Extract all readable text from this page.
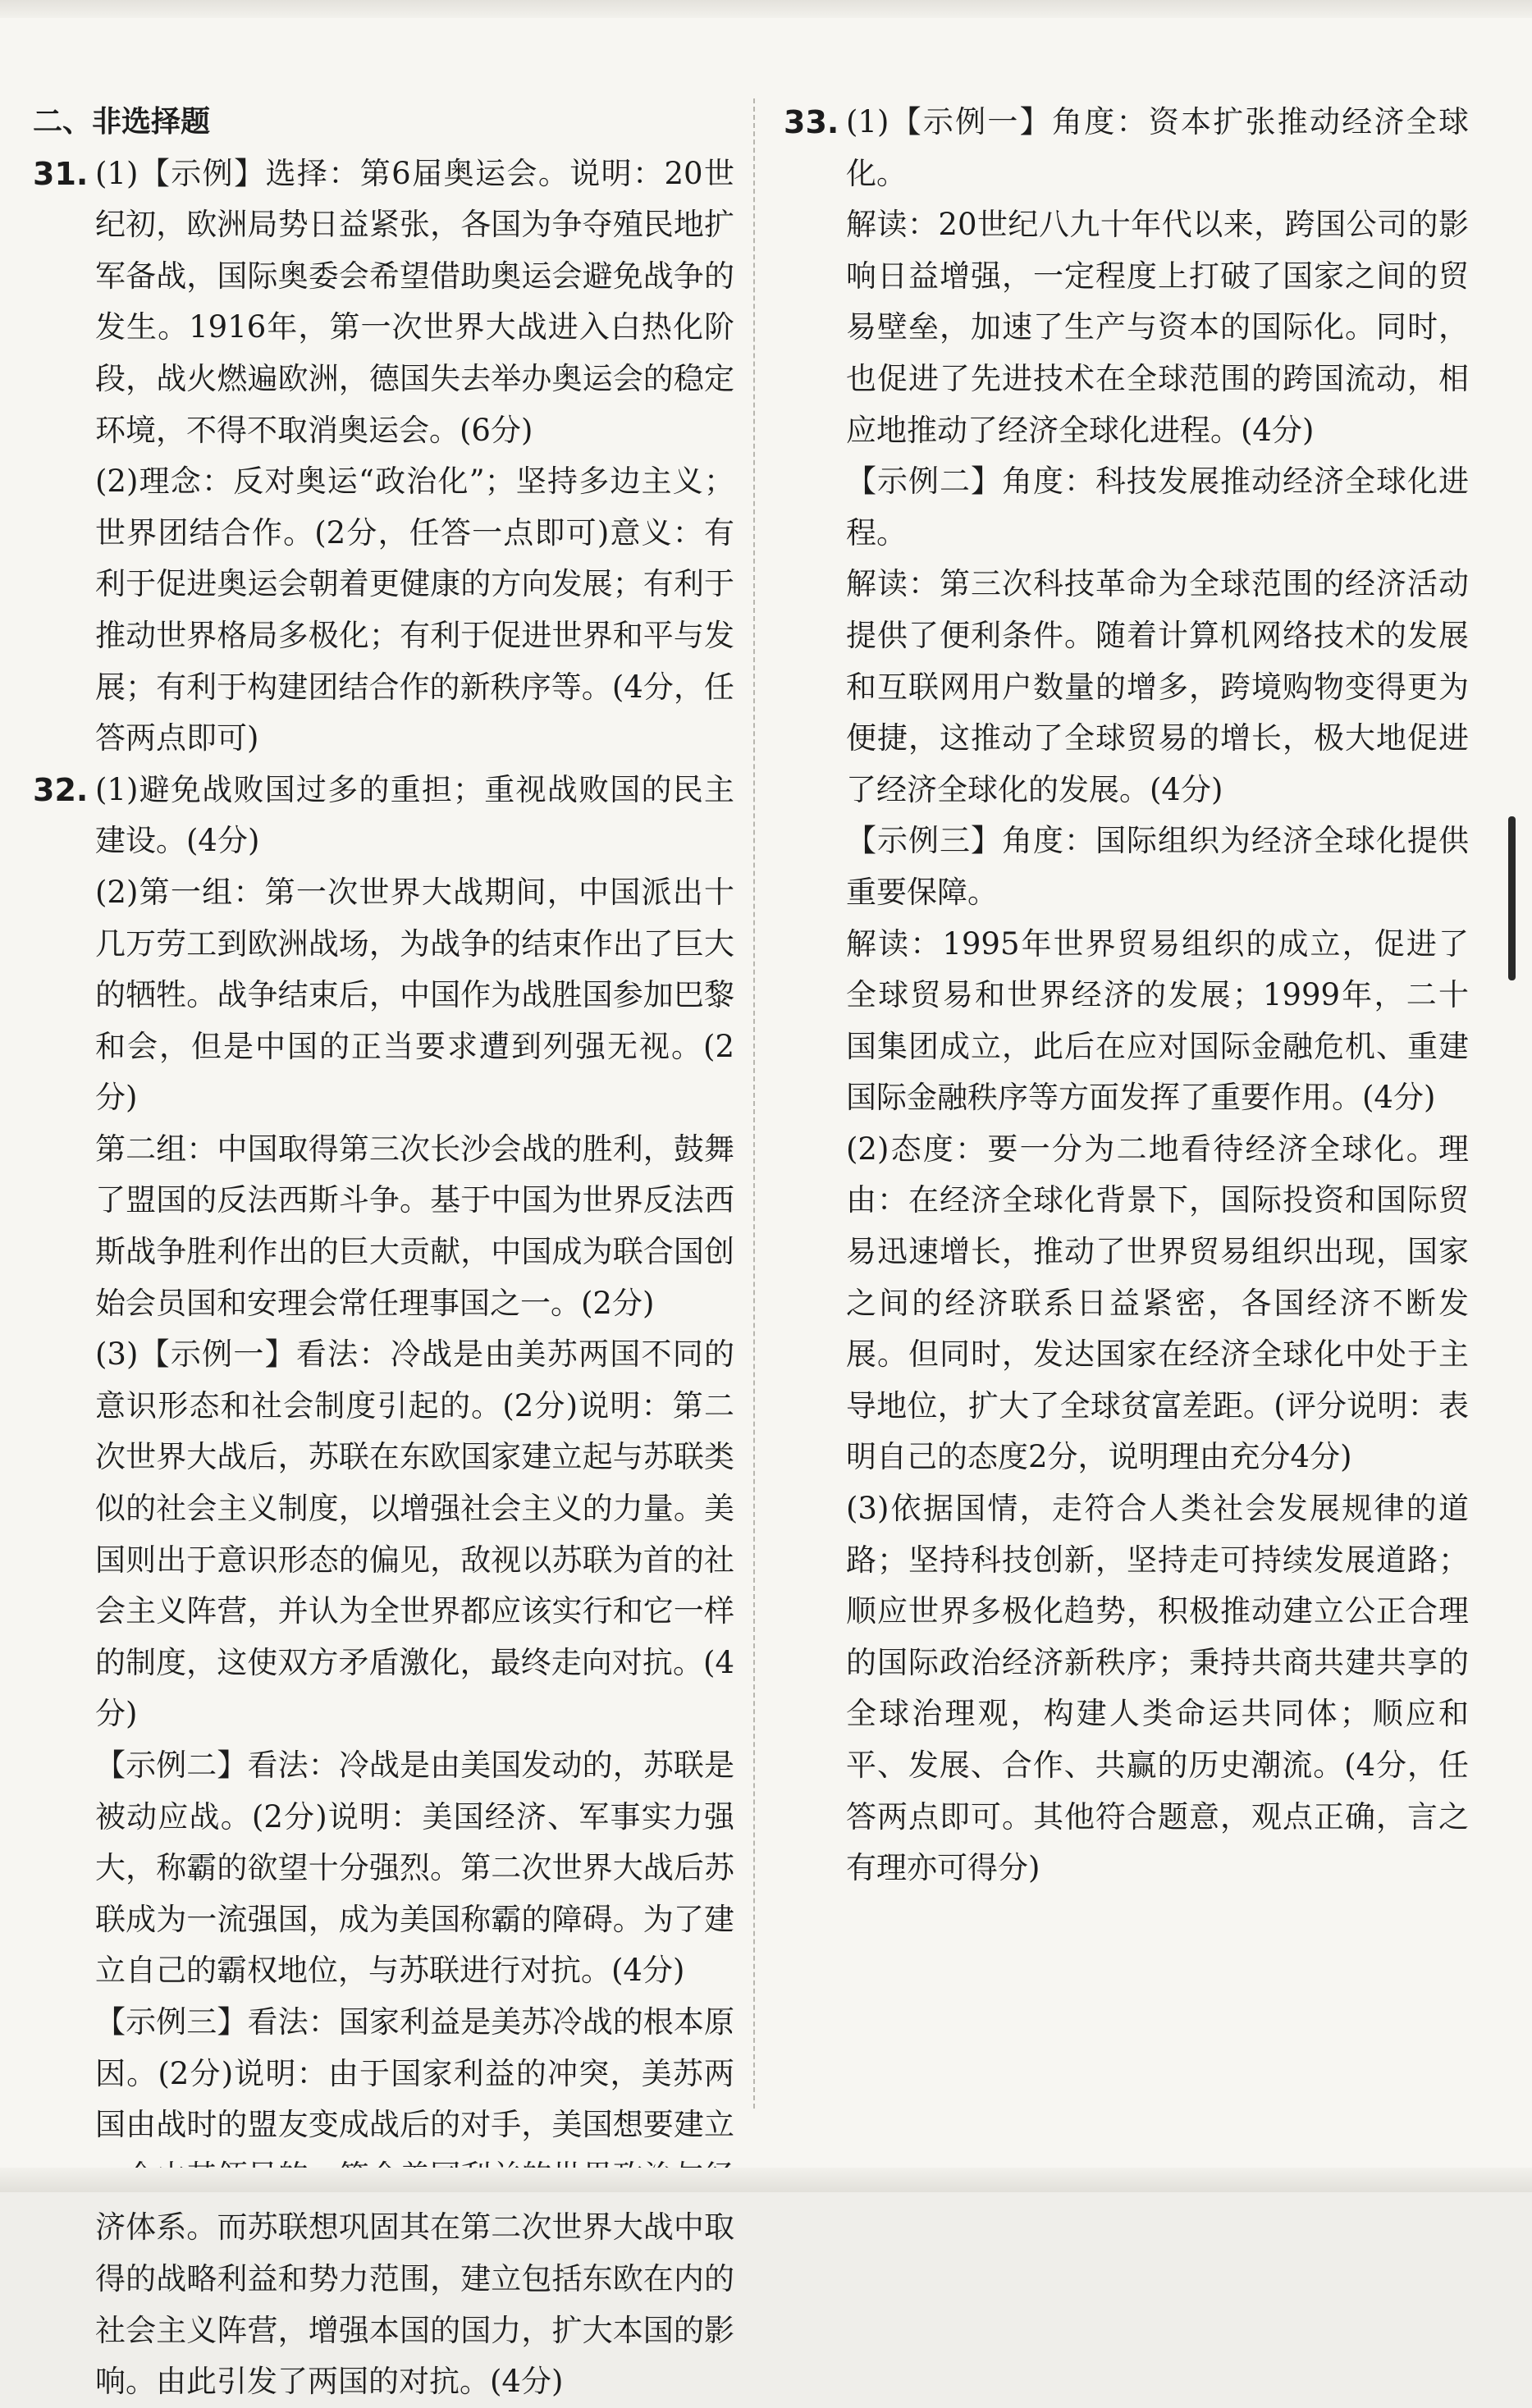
二、非选择题

31. (1)【示例】选择：第6届奥运会。说明：20世纪初，欧洲局势日益紧张，各国为争夺殖民地扩军备战，国际奥委会希望借助奥运会避免战争的发生。1916年，第一次世界大战进入白热化阶段，战火燃遍欧洲，德国失去举办奥运会的稳定环境，不得不取消奥运会。(6分)

(2)理念：反对奥运“政治化”；坚持多边主义；世界团结合作。(2分，任答一点即可)意义：有利于促进奥运会朝着更健康的方向发展；有利于推动世界格局多极化；有利于促进世界和平与发展；有利于构建团结合作的新秩序等。(4分，任答两点即可)

32. (1)避免战败国过多的重担；重视战败国的民主建设。(4分)

(2)第一组：第一次世界大战期间，中国派出十几万劳工到欧洲战场，为战争的结束作出了巨大的牺牲。战争结束后，中国作为战胜国参加巴黎和会，但是中国的正当要求遭到列强无视。(2分)

第二组：中国取得第三次长沙会战的胜利，鼓舞了盟国的反法西斯斗争。基于中国为世界反法西斯战争胜利作出的巨大贡献，中国成为联合国创始会员国和安理会常任理事国之一。(2分)

(3)【示例一】看法：冷战是由美苏两国不同的意识形态和社会制度引起的。(2分)说明：第二次世界大战后，苏联在东欧国家建立起与苏联类似的社会主义制度，以增强社会主义的力量。美国则出于意识形态的偏见，敌视以苏联为首的社会主义阵营，并认为全世界都应该实行和它一样的制度，这使双方矛盾激化，最终走向对抗。(4分)

【示例二】看法：冷战是由美国发动的，苏联是被动应战。(2分)说明：美国经济、军事实力强大，称霸的欲望十分强烈。第二次世界大战后苏联成为一流强国，成为美国称霸的障碍。为了建立自己的霸权地位，与苏联进行对抗。(4分)

【示例三】看法：国家利益是美苏冷战的根本原因。(2分)说明：由于国家利益的冲突，美苏两国由战时的盟友变成战后的对手，美国想要建立 济体系。而苏联想巩固其在第二次世界大战中取得的战略利益和势力范围，建立包括东欧在内的社会主义阵营，增强本国的国力，扩大本国的影响。由此引发了两国的对抗。(4分)

33. (1)【示例一】角度：资本扩张推动经济全球化。

解读：20世纪八九十年代以来，跨国公司的影响日益增强，一定程度上打破了国家之间的贸易壁垒，加速了生产与资本的国际化。同时，也促进了先进技术在全球范围的跨国流动，相应地推动了经济全球化进程。(4分)

【示例二】角度：科技发展推动经济全球化进程。

解读：第三次科技革命为全球范围的经济活动提供了便利条件。随着计算机网络技术的发展和互联网用户数量的增多，跨境购物变得更为便捷，这推动了全球贸易的增长，极大地促进了经济全球化的发展。(4分)

【示例三】角度：国际组织为经济全球化提供重要保障。

解读：1995年世界贸易组织的成立，促进了全球贸易和世界经济的发展；1999年，二十国集团成立，此后在应对国际金融危机、重建国际金融秩序等方面发挥了重要作用。(4分)

(2)态度：要一分为二地看待经济全球化。理由：在经济全球化背景下，国际投资和国际贸易迅速增长，推动了世界贸易组织出现，国家之间的经济联系日益紧密，各国经济不断发展。但同时，发达国家在经济全球化中处于主导地位，扩大了全球贫富差距。(评分说明：表明自己的态度2分，说明理由充分4分)

(3)依据国情，走符合人类社会发展规律的道路；坚持科技创新，坚持走可持续发展道路；顺应世界多极化趋势，积极推动建立公正合理的国际政治经济新秩序；秉持共商共建共享的全球治理观，构建人类命运共同体；顺应和平、发展、合作、共赢的历史潮流。(4分，任答两点即可。其他符合题意，观点正确，言之有理亦可得分)
